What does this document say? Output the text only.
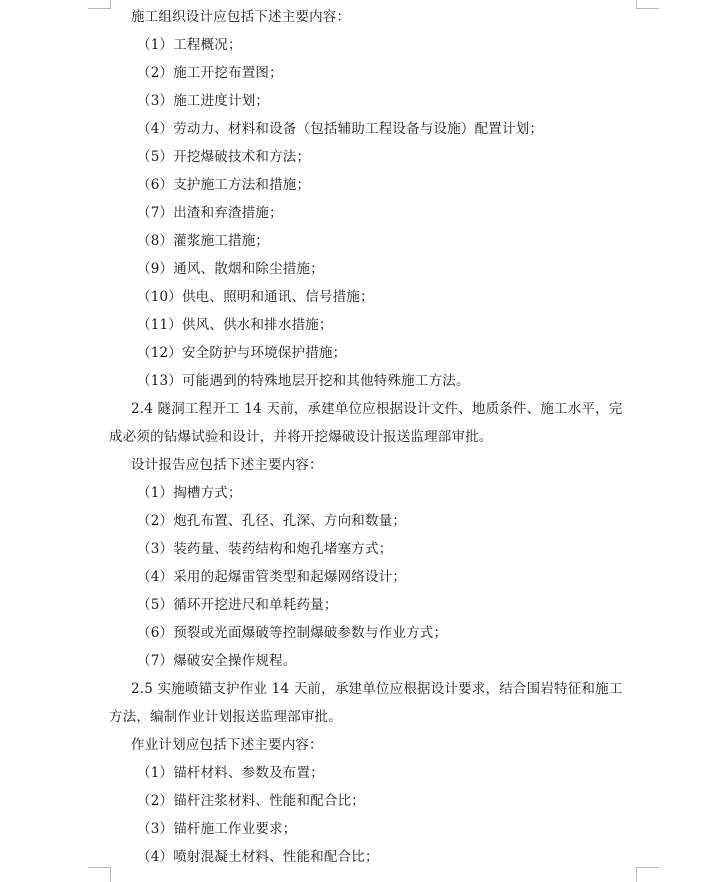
施工组织设计应包括下述主要内容：
（1）工程概况；
（2）施工开挖布置图；
（3）施工进度计划；
（4）劳动力、材料和设备（包括辅助工程设备与设施）配置计划；
（5）开挖爆破技术和方法；
（6）支护施工方法和措施；
（7）出渣和弃渣措施；
（8）灌浆施工措施；
（9）通风、散烟和除尘措施；
（10）供电、照明和通讯、信号措施；
（11）供风、供水和排水措施；
（12）安全防护与环境保护措施；
（13）可能遇到的特殊地层开挖和其他特殊施工方法。
2.4 隧洞工程开工 14 天前，承建单位应根据设计文件、地质条件、施工水平，完
成必须的钻爆试验和设计，并将开挖爆破设计报送监理部审批。
设计报告应包括下述主要内容：
（1）掏槽方式；
（2）炮孔布置、孔径、孔深、方向和数量；
（3）装药量、装药结构和炮孔堵塞方式；
（4）采用的起爆雷管类型和起爆网络设计；
（5）循环开挖进尺和单耗药量；
（6）预裂或光面爆破等控制爆破参数与作业方式；
（7）爆破安全操作规程。
2.5 实施喷锚支护作业 14 天前，承建单位应根据设计要求，结合围岩特征和施工
方法，编制作业计划报送监理部审批。
作业计划应包括下述主要内容：
（1）锚杆材料、参数及布置；
（2）锚杆注浆材料、性能和配合比；
（3）锚杆施工作业要求；
（4）喷射混凝土材料、性能和配合比；
